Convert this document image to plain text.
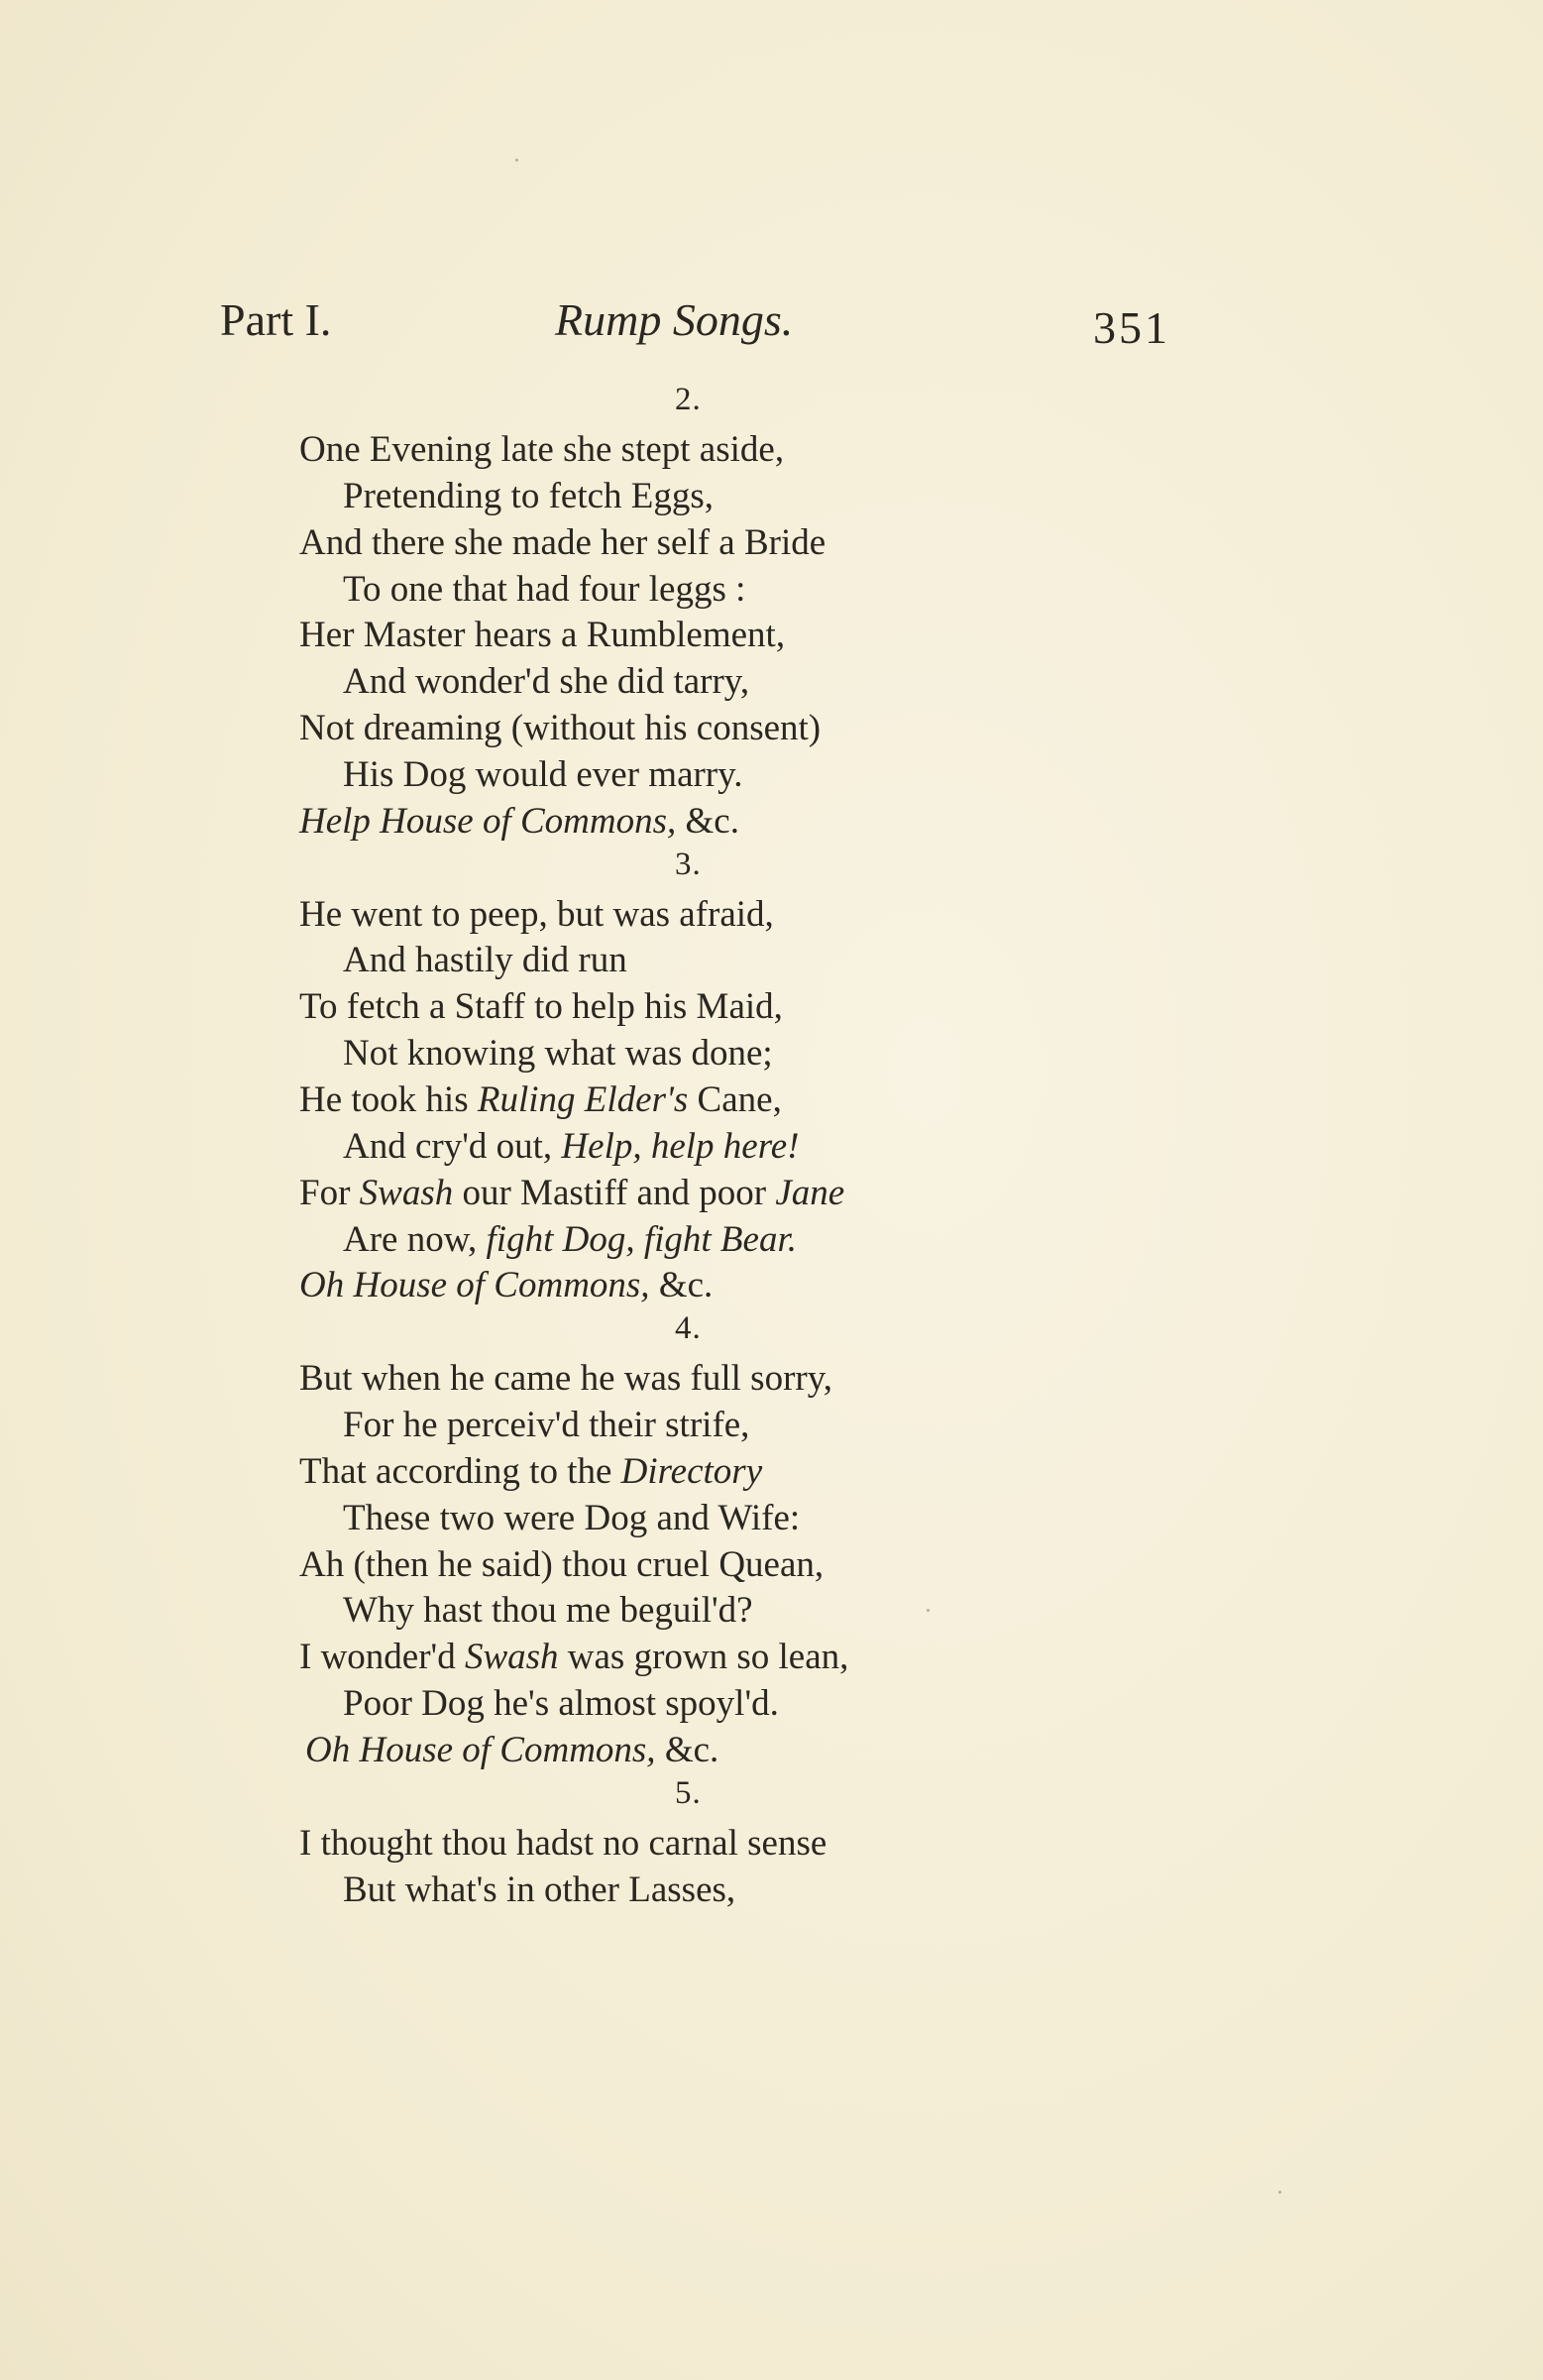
Part I.	Rump Songs.	351
2.
One Evening late she stept aside,
Pretending to fetch Eggs,
And there she made her self a Bride
To one that had four leggs :
Her Master hears a Rumblement,
And wonder'd she did tarry,
Not dreaming (without his consent)
His Dog would ever marry.
Help House of Commons, &c.
3.
He went to peep, but was afraid,
And hastily did run
To fetch a Staff to help his Maid,
Not knowing what was done;
He took his Ruling Elder's Cane,
And cry'd out, Help, help here!
For Swash our Mastiff and poor Jane
Are now, fight Dog, fight Bear.
Oh House of Commons, &c.
4.
But when he came he was full sorry,
For he perceiv'd their strife,
That according to the Directory
These two were Dog and Wife:
Ah (then he said) thou cruel Quean,
Why hast thou me beguil'd?
I wonder'd Swash was grown so lean,
Poor Dog he's almost spoyl'd.
Oh House of Commons, &c.
5.
I thought thou hadst no carnal sense
But what's in other Lasses,
